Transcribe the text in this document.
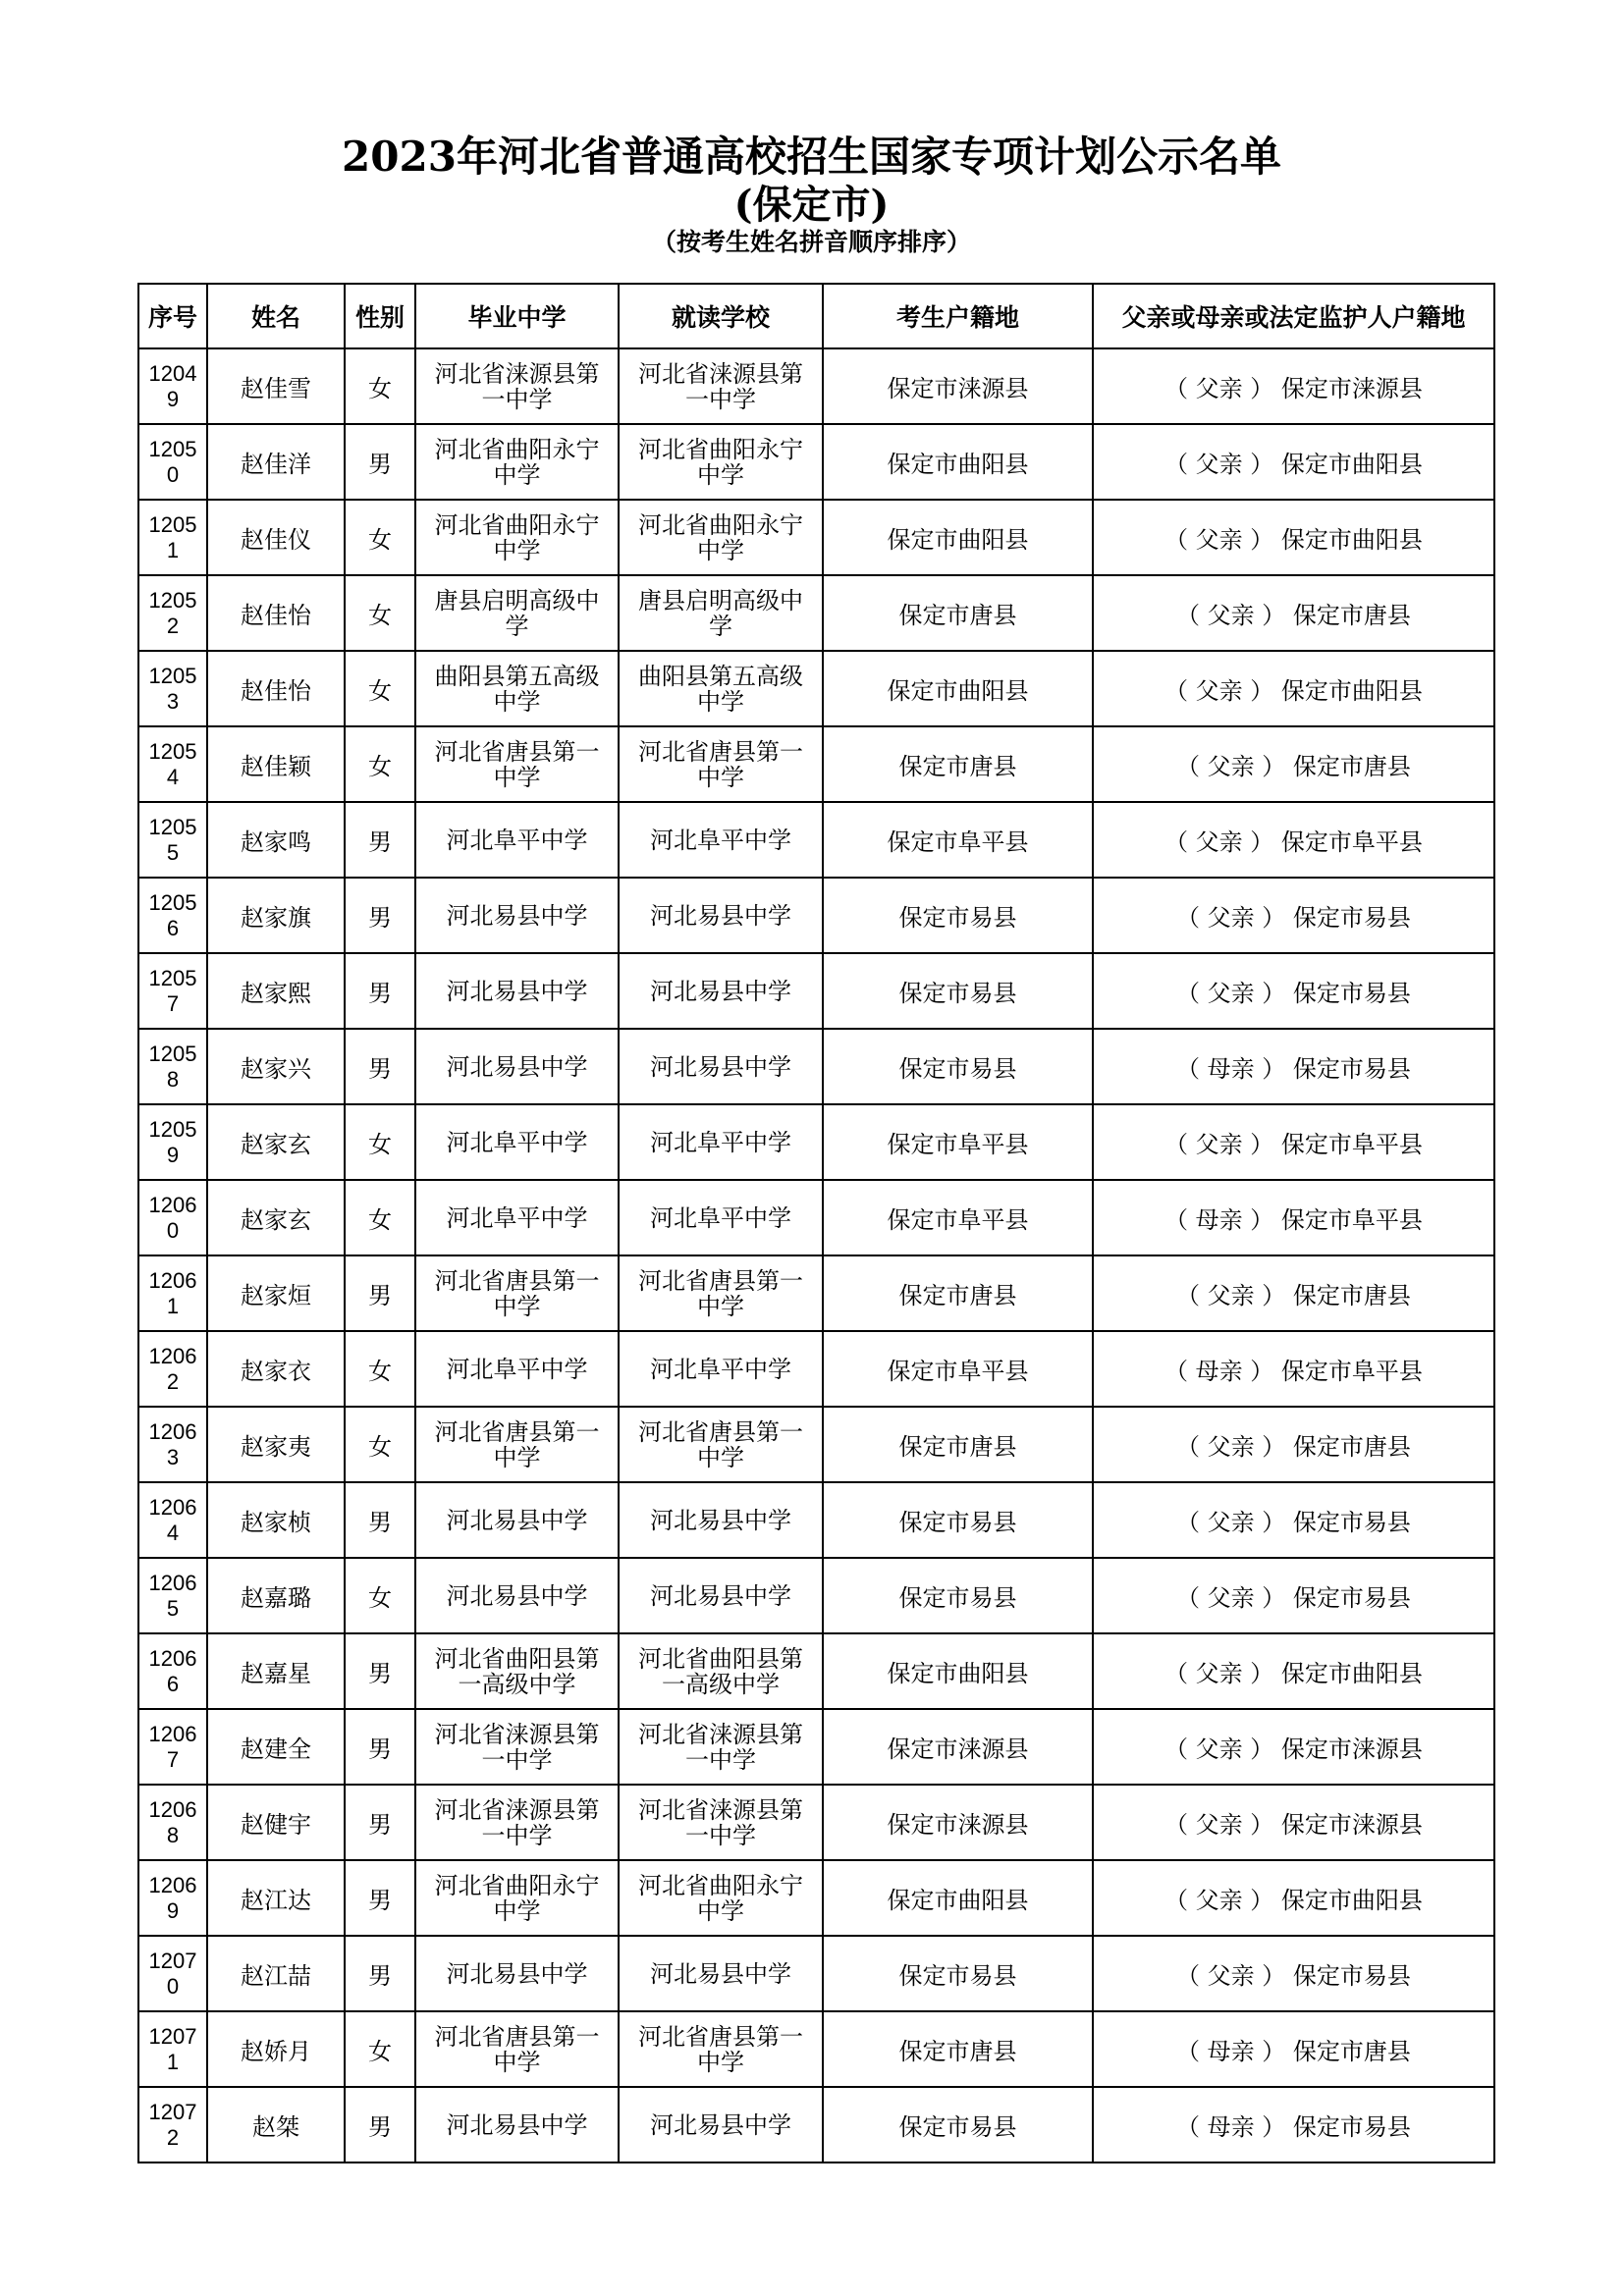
2023年河北省普通高校招生国家专项计划公示名单
(保定市)
（按考生姓名拼音顺序排序）
序号	姓名	性别	毕业中学	就读学校	考生户籍地	父亲或母亲或法定监护人户籍地

12049	赵佳雪	女	河北省涞源县第一中学	河北省涞源县第一中学	保定市涞源县	（ 父亲 ） 保定市涞源县

12050	赵佳洋	男	河北省曲阳永宁中学	河北省曲阳永宁中学	保定市曲阳县	（ 父亲 ） 保定市曲阳县

12051	赵佳仪	女	河北省曲阳永宁中学	河北省曲阳永宁中学	保定市曲阳县	（ 父亲 ） 保定市曲阳县

12052	赵佳怡	女	唐县启明高级中学	唐县启明高级中学	保定市唐县	（ 父亲 ） 保定市唐县

12053	赵佳怡	女	曲阳县第五高级中学	曲阳县第五高级中学	保定市曲阳县	（ 父亲 ） 保定市曲阳县

12054	赵佳颖	女	河北省唐县第一中学	河北省唐县第一中学	保定市唐县	（ 父亲 ） 保定市唐县

12055	赵家鸣	男	河北阜平中学	河北阜平中学	保定市阜平县	（ 父亲 ） 保定市阜平县

12056	赵家旗	男	河北易县中学	河北易县中学	保定市易县	（ 父亲 ） 保定市易县

12057	赵家熙	男	河北易县中学	河北易县中学	保定市易县	（ 父亲 ） 保定市易县

12058	赵家兴	男	河北易县中学	河北易县中学	保定市易县	（ 母亲 ） 保定市易县

12059	赵家玄	女	河北阜平中学	河北阜平中学	保定市阜平县	（ 父亲 ） 保定市阜平县

12060	赵家玄	女	河北阜平中学	河北阜平中学	保定市阜平县	（ 母亲 ） 保定市阜平县

12061	赵家烜	男	河北省唐县第一中学	河北省唐县第一中学	保定市唐县	（ 父亲 ） 保定市唐县

12062	赵家衣	女	河北阜平中学	河北阜平中学	保定市阜平县	（ 母亲 ） 保定市阜平县

12063	赵家夷	女	河北省唐县第一中学	河北省唐县第一中学	保定市唐县	（ 父亲 ） 保定市唐县

12064	赵家桢	男	河北易县中学	河北易县中学	保定市易县	（ 父亲 ） 保定市易县

12065	赵嘉璐	女	河北易县中学	河北易县中学	保定市易县	（ 父亲 ） 保定市易县

12066	赵嘉星	男	河北省曲阳县第一高级中学	河北省曲阳县第一高级中学	保定市曲阳县	（ 父亲 ） 保定市曲阳县

12067	赵建全	男	河北省涞源县第一中学	河北省涞源县第一中学	保定市涞源县	（ 父亲 ） 保定市涞源县

12068	赵健宇	男	河北省涞源县第一中学	河北省涞源县第一中学	保定市涞源县	（ 父亲 ） 保定市涞源县

12069	赵江达	男	河北省曲阳永宁中学	河北省曲阳永宁中学	保定市曲阳县	（ 父亲 ） 保定市曲阳县

12070	赵江喆	男	河北易县中学	河北易县中学	保定市易县	（ 父亲 ） 保定市易县

12071	赵娇月	女	河北省唐县第一中学	河北省唐县第一中学	保定市唐县	（ 母亲 ） 保定市唐县

12072	赵桀	男	河北易县中学	河北易县中学	保定市易县	（ 母亲 ） 保定市易县
